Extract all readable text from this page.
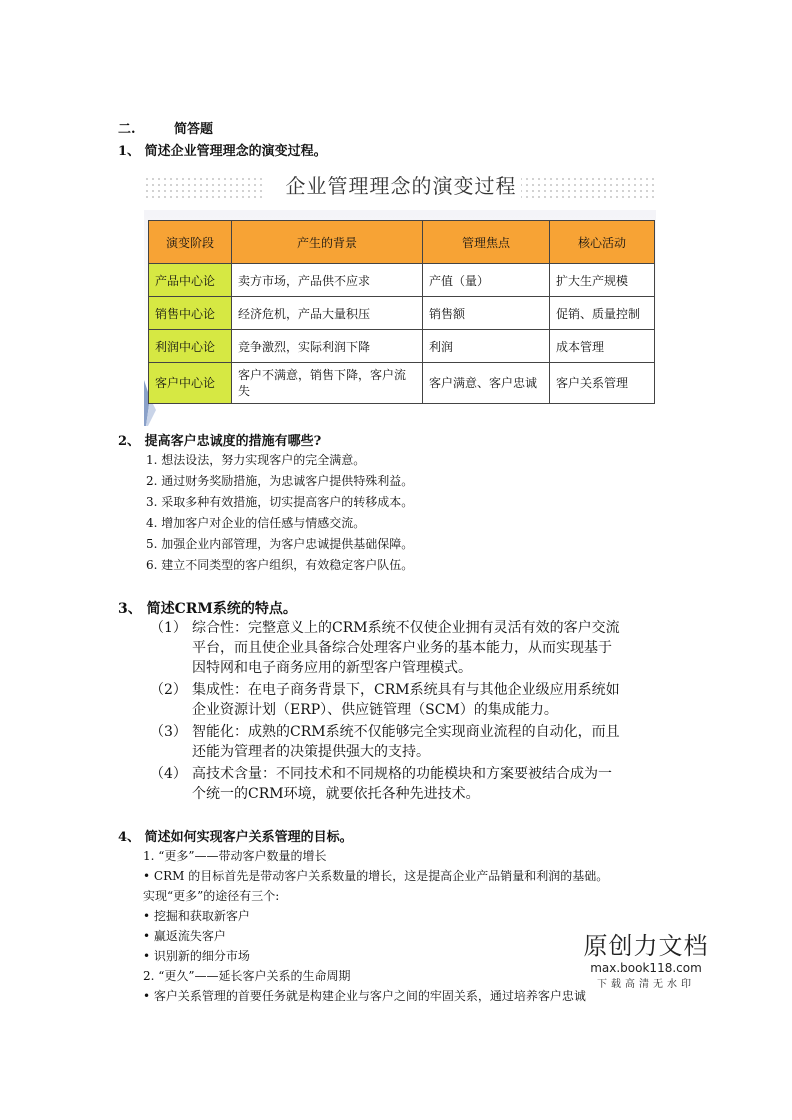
二.	简答题
1、 简述企业管理理念的演变过程。
企业管理理念的演变过程
演变阶段	产生的背景	管理焦点	核心活动
产品中心论	卖方市场，产品供不应求	产值（量）	扩大生产规模
销售中心论	经济危机，产品大量积压	销售额	促销、质量控制
利润中心论	竞争激烈，实际利润下降	利润	成本管理
客户中心论	客户不满意，销售下降，客户流失	客户满意、客户忠诚	客户关系管理
2、 提高客户忠诚度的措施有哪些?
1. 想法设法，努力实现客户的完全满意。
2. 通过财务奖励措施，为忠诚客户提供特殊利益。
3. 采取多种有效措施，切实提高客户的转移成本。
4. 增加客户对企业的信任感与情感交流。
5. 加强企业内部管理，为客户忠诚提供基础保障。
6. 建立不同类型的客户组织，有效稳定客户队伍。
3、 简述CRM系统的特点。
（1） 综合性：完整意义上的CRM系统不仅使企业拥有灵活有效的客户交流
平台，而且使企业具备综合处理客户业务的基本能力，从而实现基于
因特网和电子商务应用的新型客户管理模式。
（2） 集成性：在电子商务背景下，CRM系统具有与其他企业级应用系统如
企业资源计划（ERP）、供应链管理（SCM）的集成能力。
（3） 智能化：成熟的CRM系统不仅能够完全实现商业流程的自动化，而且
还能为管理者的决策提供强大的支持。
（4） 高技术含量：不同技术和不同规格的功能模块和方案要被结合成为一
个统一的CRM环境，就要依托各种先进技术。
4、 简述如何实现客户关系管理的目标。
1. “更多”——带动客户数量的增长
• CRM 的目标首先是带动客户关系数量的增长，这是提高企业产品销量和利润的基础。
实现“更多”的途径有三个:
• 挖掘和获取新客户
• 赢返流失客户
• 识别新的细分市场
2. “更久”——延长客户关系的生命周期
• 客户关系管理的首要任务就是构建企业与客户之间的牢固关系，通过培养客户忠诚
原创力文档
max.book118.com
下载高清无水印
